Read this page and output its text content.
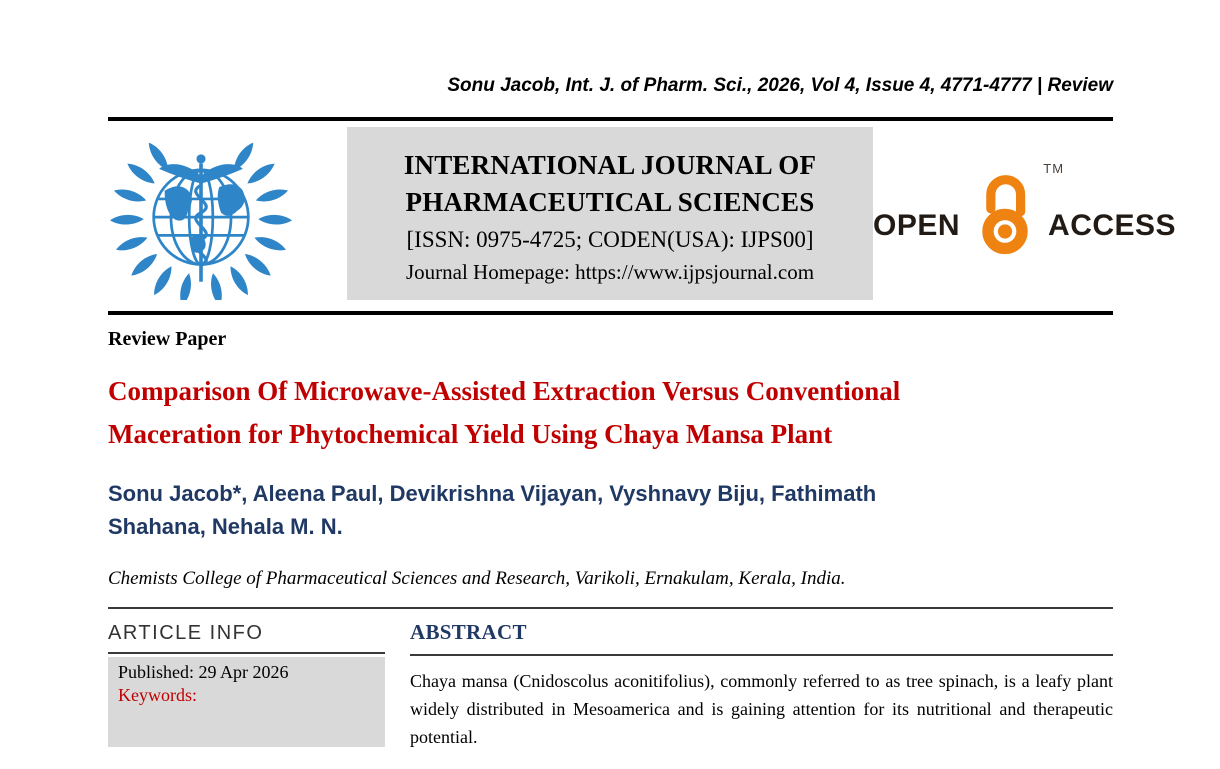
Sonu Jacob, Int. J. of Pharm. Sci., 2026, Vol 4, Issue 4, 4771-4777 | Review
INTERNATIONAL JOURNAL OF
PHARMACEUTICAL SCIENCES
[ISSN: 0975-4725; CODEN(USA): IJPS00]
Journal Homepage: https://www.ijpsjournal.com
OPEN
TM
ACCESS
Review Paper
Comparison Of Microwave-Assisted Extraction Versus Conventional
Maceration for Phytochemical Yield Using Chaya Mansa Plant
Sonu Jacob*, Aleena Paul, Devikrishna Vijayan, Vyshnavy Biju, Fathimath
Shahana, Nehala M. N.
Chemists College of Pharmaceutical Sciences and Research, Varikoli, Ernakulam, Kerala, India.
ARTICLE INFO
Published: 29 Apr 2026
Keywords:
ABSTRACT

Chaya mansa (Cnidoscolus aconitifolius), commonly referred to as tree spinach, is a leafy plant widely distributed in Mesoamerica and is gaining attention for its nutritional and therapeutic potential.
